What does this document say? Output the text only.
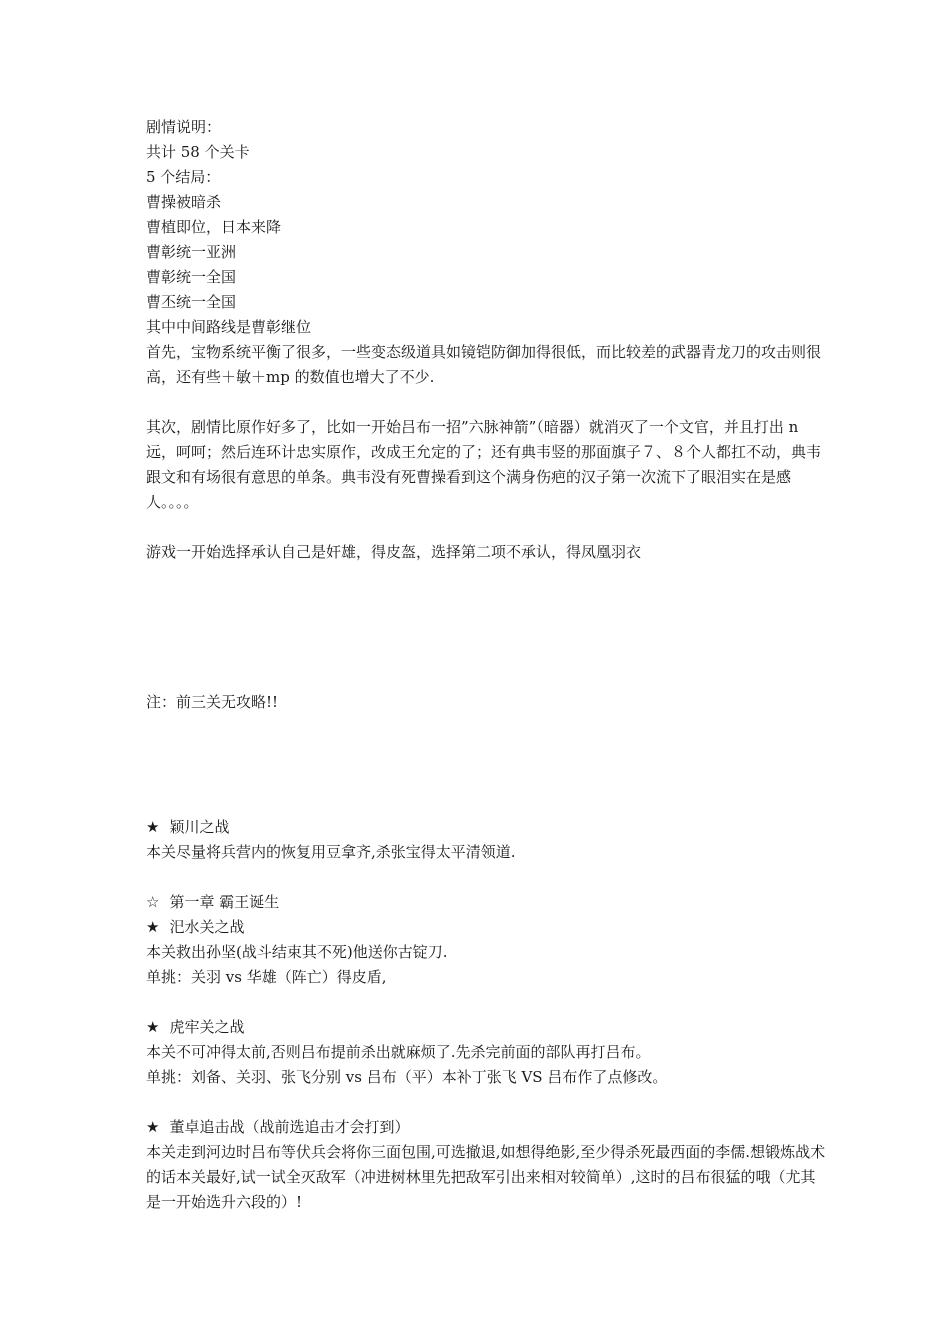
剧情说明：
共计 58 个关卡
5 个结局：
曹操被暗杀
曹植即位，日本来降
曹彰统一亚洲
曹彰统一全国
曹丕统一全国
其中中间路线是曹彰继位
首先，宝物系统平衡了很多，一些变态级道具如镜铠防御加得很低，而比较差的武器青龙刀的攻击则很高，还有些＋敏＋mp 的数值也增大了不少.
其次，剧情比原作好多了，比如一开始吕布一招”六脉神箭”（暗器）就消灭了一个文官，并且打出 n 远，呵呵；然后连环计忠实原作，改成王允定的了；还有典韦竖的那面旗子７、８个人都扛不动，典韦跟文和有场很有意思的单条。典韦没有死曹操看到这个满身伤疤的汉子第一次流下了眼泪实在是感人。。。。
游戏一开始选择承认自己是奸雄，得皮盔，选择第二项不承认，得凤凰羽衣
注：前三关无攻略!!
★ 颖川之战
本关尽量将兵营内的恢复用豆拿齐,杀张宝得太平清领道.
☆ 第一章 霸王诞生
★ 汜水关之战
本关救出孙坚(战斗结束其不死)他送你古锭刀.
单挑：关羽 vs 华雄（阵亡）得皮盾,
★ 虎牢关之战
本关不可冲得太前,否则吕布提前杀出就麻烦了.先杀完前面的部队再打吕布。
单挑：刘备、关羽、张飞分别 vs 吕布（平）本补丁张飞 VS 吕布作了点修改。
★ 董卓追击战（战前选追击才会打到）
本关走到河边时吕布等伏兵会将你三面包围,可选撤退,如想得绝影,至少得杀死最西面的李儒.想锻炼战术的话本关最好,试一试全灭敌军（冲进树林里先把敌军引出来相对较简单）,这时的吕布很猛的哦（尤其是一开始选升六段的）!
